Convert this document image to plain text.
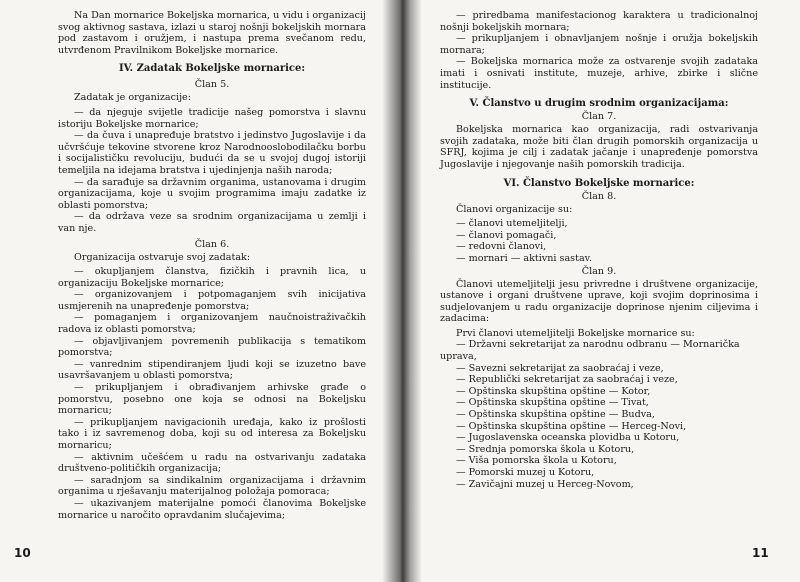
Na Dan mornarice Bokeljska mornarica, u vidu i organizacij svog aktivnog sastava, izlazi u staroj nošnji bokeljskih mornara pod zastavom i oružjem, i nastupa prema svečanom redu, utvrđenom Pravilnikom Bokeljske mornarice.

IV. Zadatak Bokeljske mornarice:

Član 5.

Zadatak je organizacije:

— da njeguje svijetle tradicije našeg pomorstva i slavnu istoriju Bokeljske mornarice;

— da čuva i unapređuje bratstvo i jedinstvo Jugoslavije i da učvršćuje tekovine stvorene kroz Narodnooslobodilačku borbu i socijalističku revoluciju, budući da se u svojoj dugoj istoriji temeljila na idejama bratstva i ujedinjenja naših naroda;

— da sarađuje sa državnim organima, ustanovama i drugim organizacijama, koje u svojim programima imaju zadatke iz oblasti pomorstva;

— da održava veze sa srodnim organizacijama u zemlji i van nje.

Član 6.

Organizacija ostvaruje svoj zadatak:

— okupljanjem članstva, fizičkih i pravnih lica, u organizaciju Bokeljske mornarice;

— organizovanjem i potpomaganjem svih inicijativa usmjerenih na unapređenje pomorstva;

— pomaganjem i organizovanjem naučnoistraživačkih radova iz oblasti pomorstva;

— objavljivanjem povremenih publikacija s tematikom pomorstva;

— vanrednim stipendiranjem ljudi koji se izuzetno bave usavršavanjem u oblasti pomorstva;

— prikupljanjem i obrađivanjem arhivske građe o pomorstvu, posebno one koja se odnosi na Bokeljsku mornaricu;

— prikupljanjem navigacionih uređaja, kako iz prošlosti tako i iz savremenog doba, koji su od interesa za Bokeljsku mornaricu;

— aktivnim učešćem u radu na ostvarivanju zadataka društveno-političkih organizacija;

— saradnjom sa sindikalnim organizacijama i državnim organima u rješavanju materijalnog položaja pomoraca;

— ukazivanjem materijalne pomoći članovima Bokeljske mornarice u naročito opravdanim slučajevima;

— priredbama manifestacionog karaktera u tradicionalnoj nošnji bokeljskih mornara;

— prikupljanjem i obnavljanjem nošnje i oružja bokeljskih mornara;

— Bokeljska mornarica može za ostvarenje svojih zadataka imati i osnivati institute, muzeje, arhive, zbirke i slične institucije.

V. Članstvo u drugim srodnim organizacijama:

Član 7.

Bokeljska mornarica kao organizacija, radi ostvarivanja svojih zadataka, može biti član drugih pomorskih organizacija u SFRJ, kojima je cilj i zadatak jačanje i unapređenje pomorstva Jugoslavije i njegovanje naših pomorskih tradicija.

VI. Članstvo Bokeljske mornarice:

Član 8.

Članovi organizacije su:

— članovi utemeljitelji,

— članovi pomagači,

— redovni članovi,

— mornari — aktivni sastav.

Član 9.

Članovi utemeljitelji jesu privredne i društvene organizacije, ustanove i organi društvene uprave, koji svojim doprinosima i sudjelovanjem u radu organizacije doprinose njenim ciljevima i zadacima:

Prvi članovi utemeljitelji Bokeljske mornarice su:

— Državni sekretarijat za narodnu odbranu — Mornarička uprava,

— Savezni sekretarijat za saobraćaj i veze,

— Republički sekretarijat za saobraćaj i veze,

— Opštinska skupština opštine — Kotor,

— Opštinska skupština opštine — Tivat,

— Opštinska skupština opštine — Budva,

— Opštinska skupština opštine — Herceg-Novi,

— Jugoslavenska oceanska plovidba u Kotoru,

— Srednja pomorska škola u Kotoru,

— Viša pomorska škola u Kotoru,

— Pomorski muzej u Kotoru,

— Zavičajni muzej u Herceg-Novom,

10	11
